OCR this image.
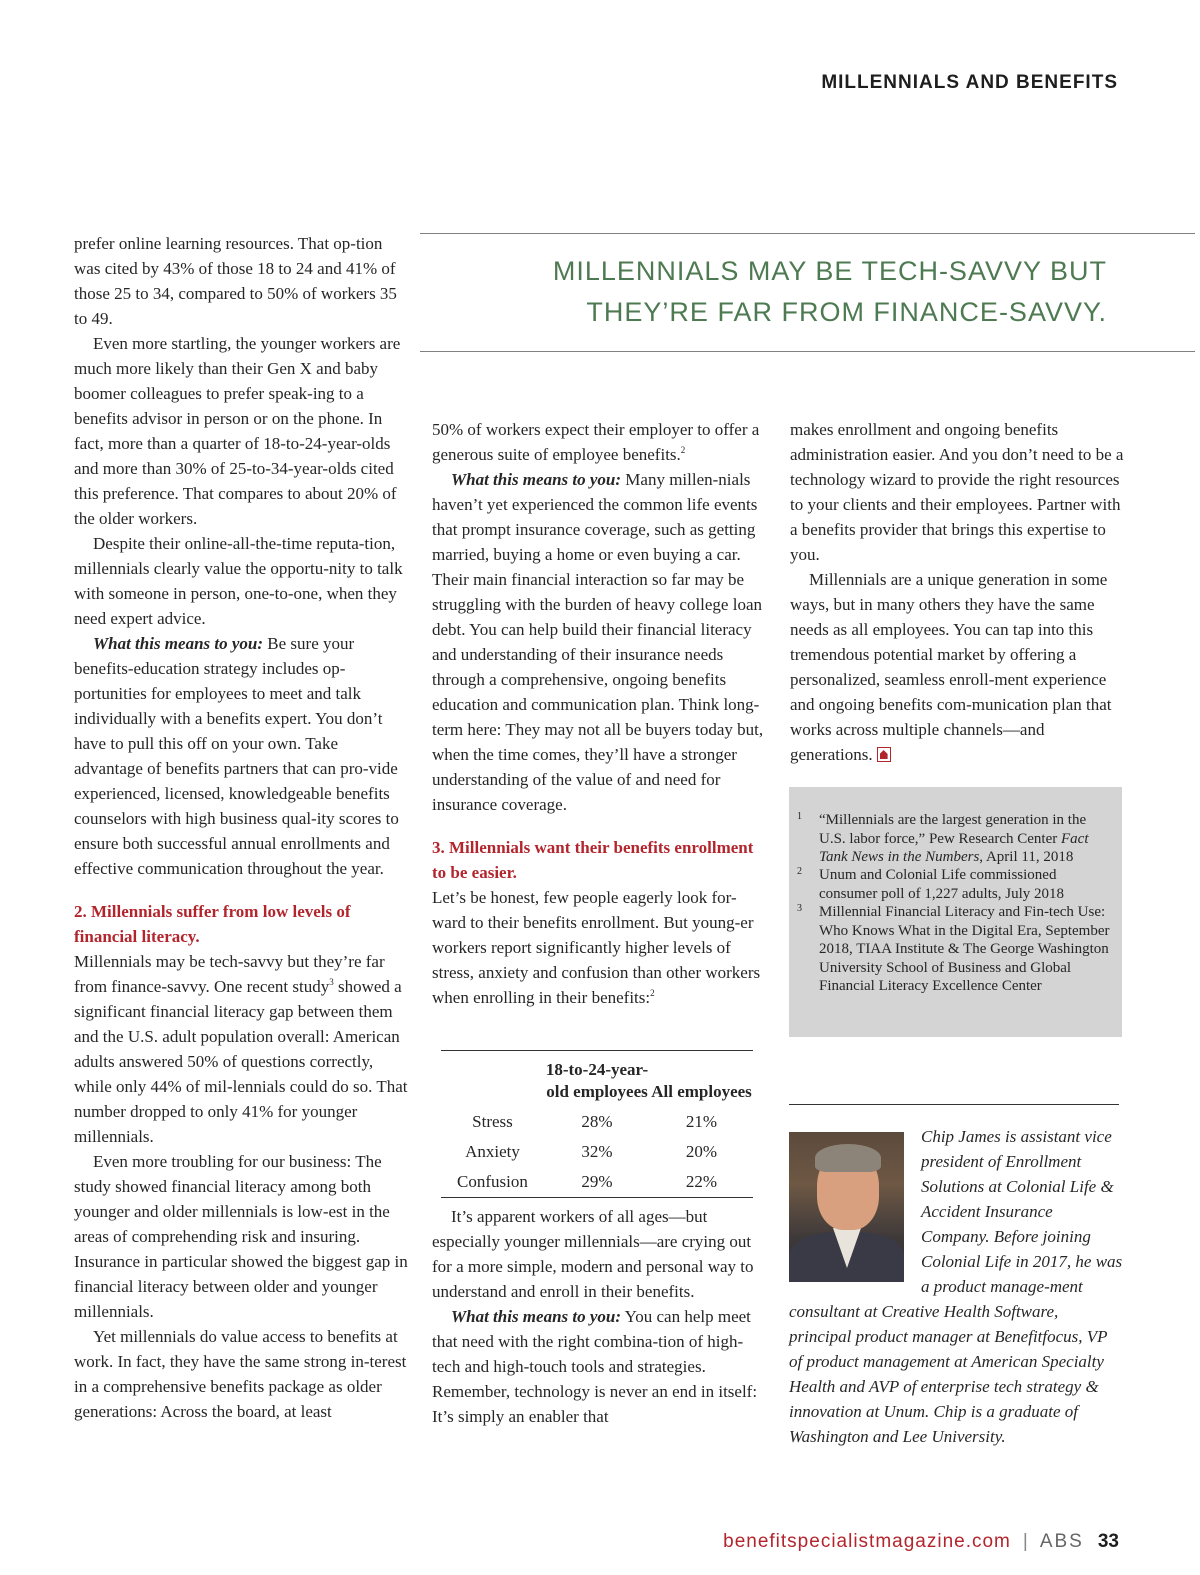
MILLENNIALS AND BENEFITS
MILLENNIALS MAY BE TECH-SAVVY BUT
THEY’RE FAR FROM FINANCE-SAVVY.

prefer online learning resources. That op-tion was cited by 43% of those 18 to 24 and 41% of those 25 to 34, compared to 50% of workers 35 to 49.

Even more startling, the younger workers are much more likely than their Gen X and baby boomer colleagues to prefer speak-ing to a benefits advisor in person or on the phone. In fact, more than a quarter of 18-to-24-year-olds and more than 30% of 25-to-34-year-olds cited this preference. That compares to about 20% of the older workers.

Despite their online-all-the-time reputa-tion, millennials clearly value the opportu-nity to talk with someone in person, one-to-one, when they need expert advice.

What this means to you: Be sure your benefits-education strategy includes op-portunities for employees to meet and talk individually with a benefits expert. You don’t have to pull this off on your own. Take advantage of benefits partners that can pro-vide experienced, licensed, knowledgeable benefits counselors with high business qual-ity scores to ensure both successful annual enrollments and effective communication throughout the year.

2. Millennials suffer from low levels of financial literacy.

Millennials may be tech-savvy but they’re far from finance-savvy. One recent study$^3$ showed a significant financial literacy gap between them and the U.S. adult population overall: American adults answered 50% of questions correctly, while only 44% of mil-lennials could do so. That number dropped to only 41% for younger millennials.

Even more troubling for our business: The study showed financial literacy among both younger and older millennials is low-est in the areas of comprehending risk and insuring. Insurance in particular showed the biggest gap in financial literacy between older and younger millennials.

Yet millennials do value access to benefits at work. In fact, they have the same strong in-terest in a comprehensive benefits package as older generations: Across the board, at least

50% of workers expect their employer to offer a generous suite of employee benefits.$^2$

What this means to you: Many millen-nials haven’t yet experienced the common life events that prompt insurance coverage, such as getting married, buying a home or even buying a car. Their main financial interaction so far may be struggling with the burden of heavy college loan debt. You can help build their financial literacy and understanding of their insurance needs through a comprehensive, ongoing benefits education and communication plan. Think long-term here: They may not all be buyers today but, when the time comes, they’ll have a stronger understanding of the value of and need for insurance coverage.

3. Millennials want their benefits enrollment to be easier.

Let’s be honest, few people eagerly look for-ward to their benefits enrollment. But young-er workers report significantly higher levels of stress, anxiety and confusion than other workers when enrolling in their benefits:$^2$

It’s apparent workers of all ages—but especially younger millennials—are crying out for a more simple, modern and personal way to understand and enroll in their benefits.

What this means to you: You can help meet that need with the right combina-tion of high-tech and high-touch tools and strategies. Remember, technology is never an end in itself: It’s simply an enabler that

	18-to-24-year-old employees	All employees
Stress	28%	21%
Anxiety	32%	20%
Confusion	29%	22%

makes enrollment and ongoing benefits administration easier. And you don’t need to be a technology wizard to provide the right resources to your clients and their employees. Partner with a benefits provider that brings this expertise to you.

Millennials are a unique generation in some ways, but in many others they have the same needs as all employees. You can tap into this tremendous potential market by offering a personalized, seamless enroll-ment experience and ongoing benefits com-munication plan that works across multiple channels—and generations.

1 “Millennials are the largest generation in the U.S. labor force,” Pew Research Center Fact Tank News in the Numbers, April 11, 2018
2 Unum and Colonial Life commissioned consumer poll of 1,227 adults, July 2018
3 Millennial Financial Literacy and Fin-tech Use: Who Knows What in the Digital Era, September 2018, TIAA Institute & The George Washington University School of Business and Global Financial Literacy Excellence Center
Chip James is assistant vice president of Enrollment Solutions at Colonial Life & Accident Insurance Company. Before joining Colonial Life in 2017, he was a product manage-ment consultant at Creative Health Software, principal product manager at Benefitfocus, VP of product management at American Specialty Health and AVP of enterprise tech strategy & innovation at Unum. Chip is a graduate of Washington and Lee University.
benefitspecialistmagazine.com | ABS 33
